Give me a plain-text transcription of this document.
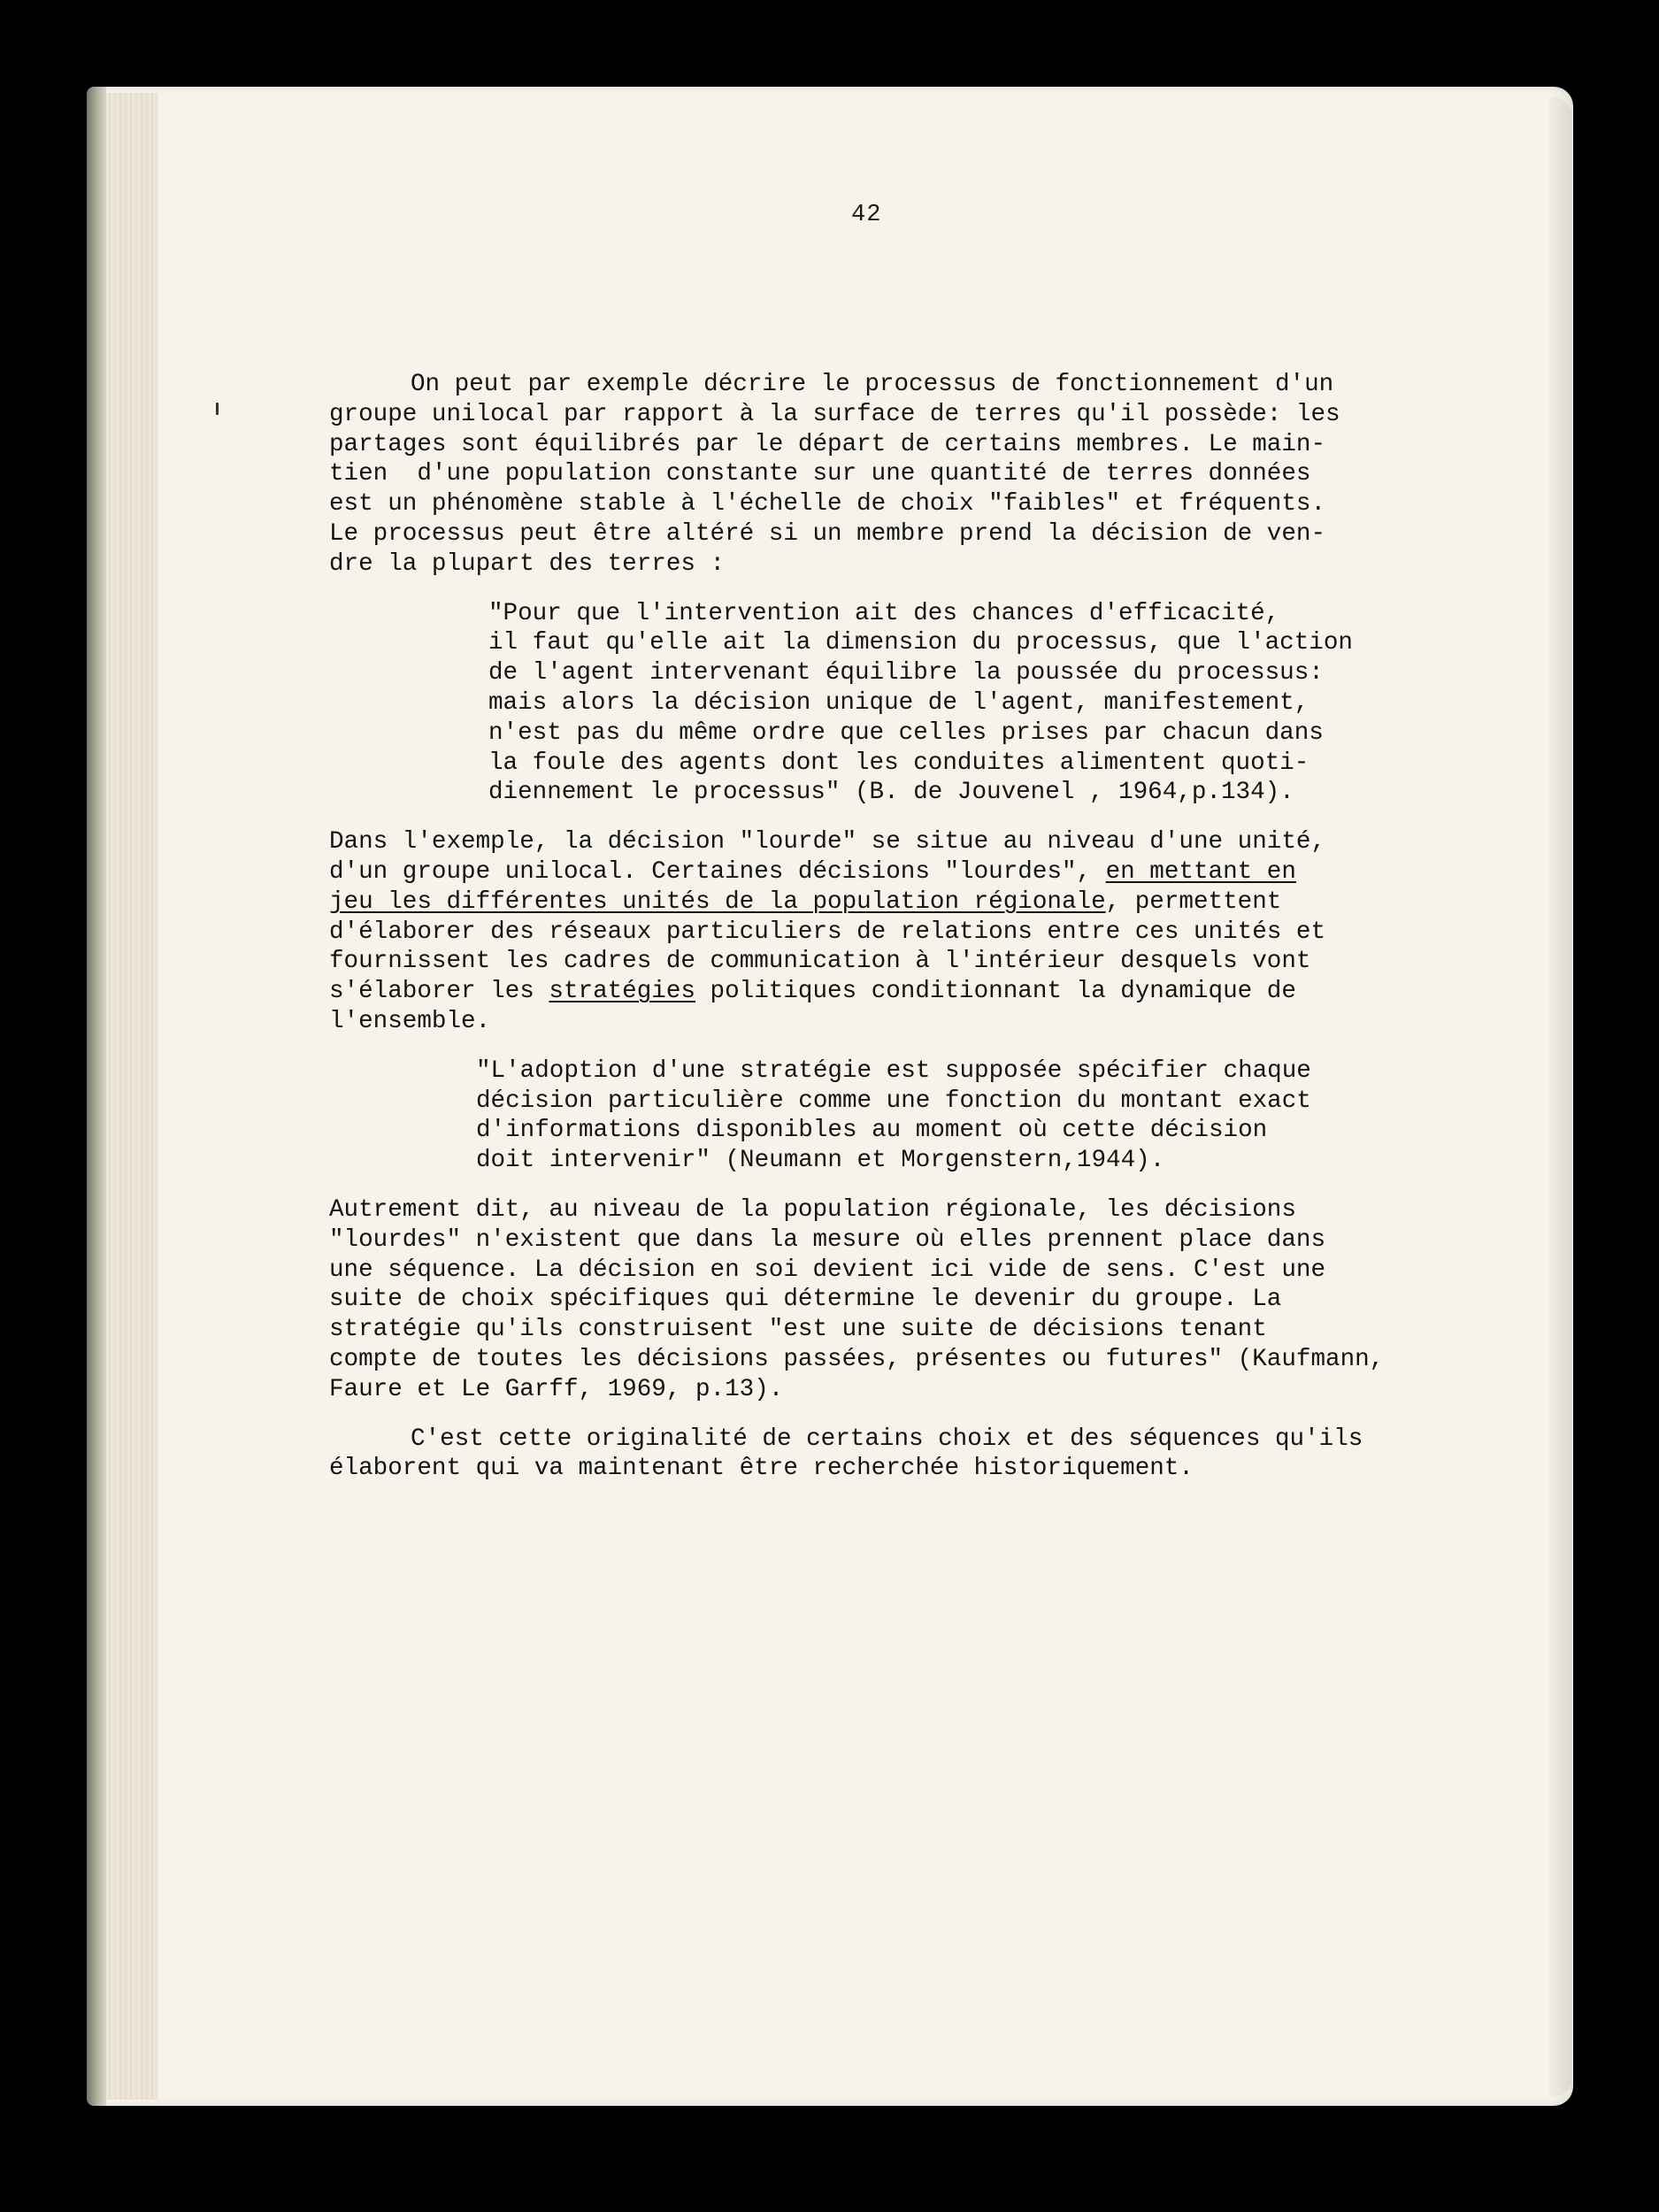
42
On peut par exemple décrire le processus de fonctionnement d'un
groupe unilocal par rapport à la surface de terres qu'il possède: les
partages sont équilibrés par le départ de certains membres. Le main-
tien  d'une population constante sur une quantité de terres données
est un phénomène stable à l'échelle de choix "faibles" et fréquents.
Le processus peut être altéré si un membre prend la décision de ven-
dre la plupart des terres :
"Pour que l'intervention ait des chances d'efficacité,
il faut qu'elle ait la dimension du processus, que l'action
de l'agent intervenant équilibre la poussée du processus:
mais alors la décision unique de l'agent, manifestement,
n'est pas du même ordre que celles prises par chacun dans
la foule des agents dont les conduites alimentent quoti-
diennement le processus" (B. de Jouvenel , 1964,p.134).
Dans l'exemple, la décision "lourde" se situe au niveau d'une unité,
d'un groupe unilocal. Certaines décisions "lourdes", en mettant en
jeu les différentes unités de la population régionale, permettent
d'élaborer des réseaux particuliers de relations entre ces unités et
fournissent les cadres de communication à l'intérieur desquels vont
s'élaborer les stratégies politiques conditionnant la dynamique de
l'ensemble.
"L'adoption d'une stratégie est supposée spécifier chaque
décision particulière comme une fonction du montant exact
d'informations disponibles au moment où cette décision
doit intervenir" (Neumann et Morgenstern,1944).
Autrement dit, au niveau de la population régionale, les décisions
"lourdes" n'existent que dans la mesure où elles prennent place dans
une séquence. La décision en soi devient ici vide de sens. C'est une
suite de choix spécifiques qui détermine le devenir du groupe. La
stratégie qu'ils construisent "est une suite de décisions tenant
compte de toutes les décisions passées, présentes ou futures" (Kaufmann,
Faure et Le Garff, 1969, p.13).
C'est cette originalité de certains choix et des séquences qu'ils
élaborent qui va maintenant être recherchée historiquement.
